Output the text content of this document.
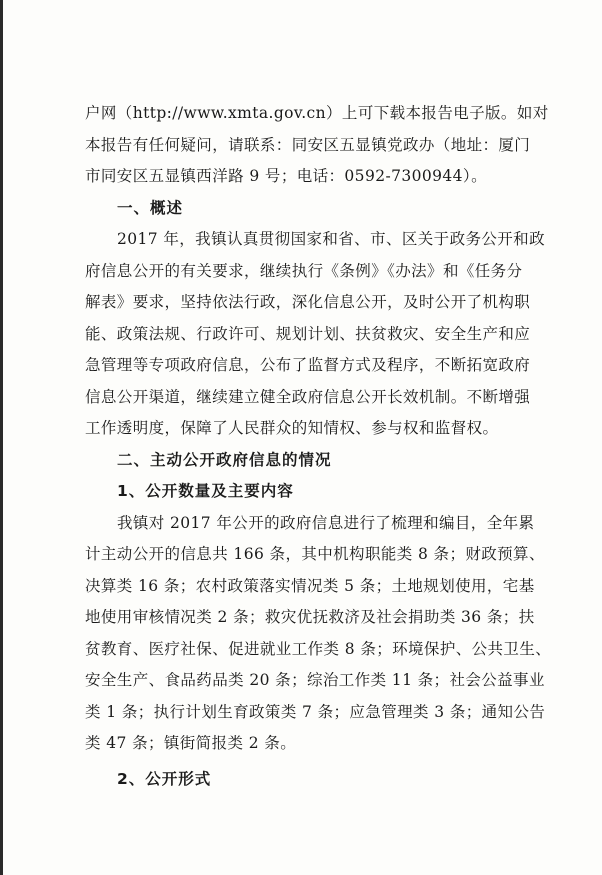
户网（http://www.xmta.gov.cn）上可下载本报告电子版。如对
本报告有任何疑问，请联系：同安区五显镇党政办（地址：厦门
市同安区五显镇西洋路 9 号；电话：0592-7300944）。
一、概述
2017 年，我镇认真贯彻国家和省、市、区关于政务公开和政
府信息公开的有关要求，继续执行《条例》《办法》和《任务分
解表》要求，坚持依法行政，深化信息公开，及时公开了机构职
能、政策法规、行政许可、规划计划、扶贫救灾、安全生产和应
急管理等专项政府信息，公布了监督方式及程序，不断拓宽政府
信息公开渠道，继续建立健全政府信息公开长效机制。不断增强
工作透明度，保障了人民群众的知情权、参与权和监督权。
二、主动公开政府信息的情况
1、公开数量及主要内容
我镇对 2017 年公开的政府信息进行了梳理和编目，全年累
计主动公开的信息共 166 条，其中机构职能类 8 条；财政预算、
决算类 16 条；农村政策落实情况类 5 条；土地规划使用，宅基
地使用审核情况类 2 条；救灾优抚救济及社会捐助类 36 条；扶
贫教育、医疗社保、促进就业工作类 8 条；环境保护、公共卫生、
安全生产、食品药品类 20 条；综治工作类 11 条；社会公益事业
类 1 条；执行计划生育政策类 7 条；应急管理类 3 条；通知公告
类 47 条；镇街简报类 2 条。
2、公开形式
